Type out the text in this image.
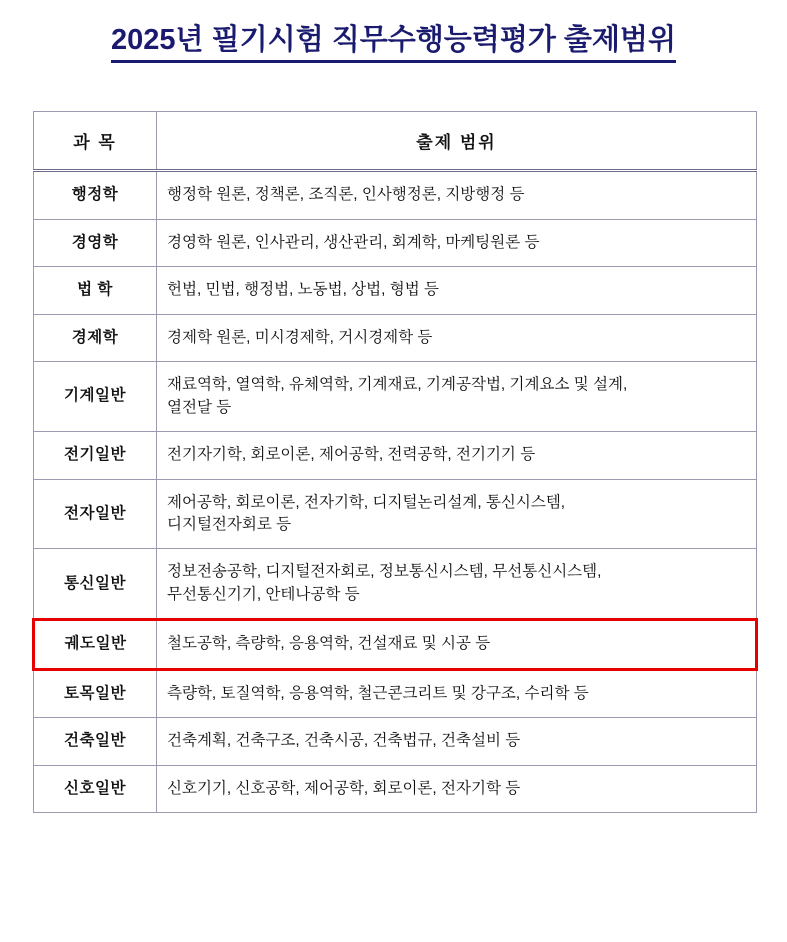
2025년 필기시험 직무수행능력평가 출제범위
과 목	출제 범위
행정학	행정학 원론, 정책론, 조직론, 인사행정론, 지방행정 등

경영학	경영학 원론, 인사관리, 생산관리, 회계학, 마케팅원론 등

법 학	헌법, 민법, 행정법, 노동법, 상법, 형법 등

경제학	경제학 원론, 미시경제학, 거시경제학 등

기계일반	재료역학, 열역학, 유체역학, 기계재료, 기계공작법, 기계요소 및 설계,
열전달 등

전기일반	전기자기학, 회로이론, 제어공학, 전력공학, 전기기기 등

전자일반	제어공학, 회로이론, 전자기학, 디지털논리설계, 통신시스템,
디지털전자회로 등

통신일반	정보전송공학, 디지털전자회로, 정보통신시스템, 무선통신시스템,
무선통신기기, 안테나공학 등

궤도일반	철도공학, 측량학, 응용역학, 건설재료 및 시공 등

토목일반	측량학, 토질역학, 응용역학, 철근콘크리트 및 강구조, 수리학 등

건축일반	건축계획, 건축구조, 건축시공, 건축법규, 건축설비 등

신호일반	신호기기, 신호공학, 제어공학, 회로이론, 전자기학 등
